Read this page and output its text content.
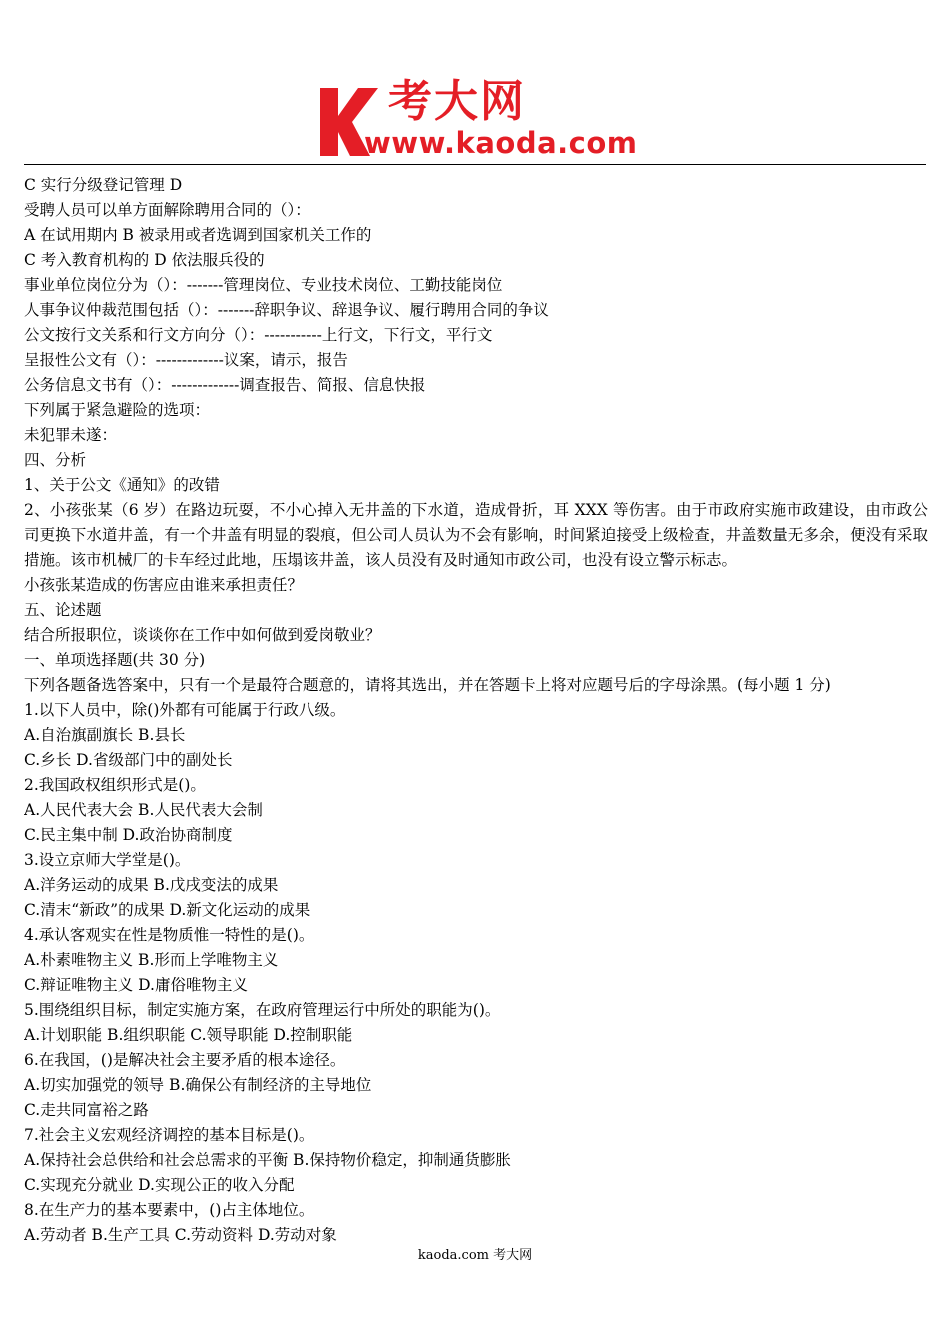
考大网
www.kaoda.com
C 实行分级登记管理 D
受聘人员可以单方面解除聘用合同的（）：
A 在试用期内 B 被录用或者选调到国家机关工作的
C 考入教育机构的 D 依法服兵役的
事业单位岗位分为（）：-------管理岗位、专业技术岗位、工勤技能岗位
人事争议仲裁范围包括（）：-------辞职争议、辞退争议、履行聘用合同的争议
公文按行文关系和行文方向分（）：-----------上行文，下行文，平行文
呈报性公文有（）：-------------议案，请示，报告
公务信息文书有（）：-------------调查报告、简报、信息快报
下列属于紧急避险的选项：
未犯罪未遂：
四、分析
1、关于公文《通知》的改错

2、小孩张某（6 岁）在路边玩耍，不小心掉入无井盖的下水道，造成骨折，耳 XXX 等伤害。由于市政府实施市政建设，由市政公司更换下水道井盖，有一个井盖有明显的裂痕，但公司人员认为不会有影响，时间紧迫接受上级检查，井盖数量无多余，便没有采取措施。该市机械厂的卡车经过此地，压塌该井盖，该人员没有及时通知市政公司，也没有设立警示标志。

小孩张某造成的伤害应由谁来承担责任？
五、论述题
结合所报职位，谈谈你在工作中如何做到爱岗敬业？
一、单项选择题(共 30 分)
下列各题备选答案中，只有一个是最符合题意的，请将其选出，并在答题卡上将对应题号后的字母涂黑。(每小题 1 分)
1.以下人员中，除()外都有可能属于行政八级。
A.自治旗副旗长 B.县长
C.乡长 D.省级部门中的副处长
2.我国政权组织形式是()。
A.人民代表大会 B.人民代表大会制
C.民主集中制 D.政治协商制度
3.设立京师大学堂是()。
A.洋务运动的成果 B.戊戌变法的成果
C.清末“新政”的成果 D.新文化运动的成果
4.承认客观实在性是物质惟一特性的是()。
A.朴素唯物主义 B.形而上学唯物主义
C.辩证唯物主义 D.庸俗唯物主义
5.围绕组织目标，制定实施方案，在政府管理运行中所处的职能为()。
A.计划职能 B.组织职能 C.领导职能 D.控制职能
6.在我国，()是解决社会主要矛盾的根本途径。
A.切实加强党的领导 B.确保公有制经济的主导地位
C.走共同富裕之路
7.社会主义宏观经济调控的基本目标是()。
A.保持社会总供给和社会总需求的平衡 B.保持物价稳定，抑制通货膨胀
C.实现充分就业 D.实现公正的收入分配
8.在生产力的基本要素中，()占主体地位。
A.劳动者 B.生产工具 C.劳动资料 D.劳动对象
kaoda.com 考大网
